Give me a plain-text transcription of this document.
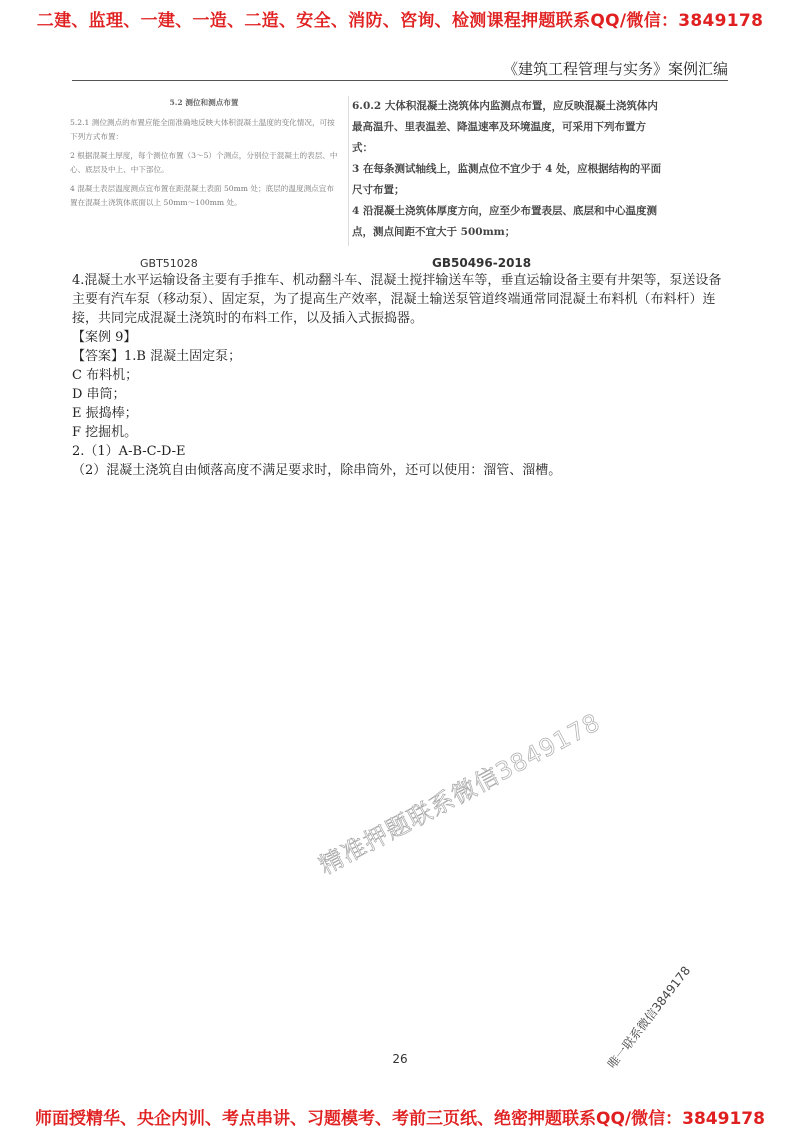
二建、监理、一建、一造、二造、安全、消防、咨询、检测课程押题联系QQ/微信：3849178
《建筑工程管理与实务》案例汇编
5.2 测位和测点布置

5.2.1 测位测点的布置应能全面准确地反映大体积混凝土温度的变化情况，可按下列方式布置：

2 根据混凝土厚度，每个测位布置（3～5）个测点，分别位于混凝土的表层、中心、底层及中上、中下部位。

4 混凝土表层温度测点宜布置在距混凝土表面 50mm 处；底层的温度测点宜布置在混凝土浇筑体底面以上 50mm～100mm 处。

6.0.2 大体积混凝土浇筑体内监测点布置，应反映混凝土浇筑体内最高温升、里表温差、降温速率及环境温度，可采用下列布置方式：

3 在每条测试轴线上，监测点位不宜少于 4 处，应根据结构的平面尺寸布置；

4 沿混凝土浇筑体厚度方向，应至少布置表层、底层和中心温度测点，测点间距不宜大于 500mm；

GBT51028	GB50496-2018
4.混凝土水平运输设备主要有手推车、机动翻斗车、混凝土搅拌输送车等，垂直运输设备主要有井架等，泵送设备主要有汽车泵（移动泵）、固定泵，为了提高生产效率，混凝土输送泵管道终端通常同混凝土布料机（布料杆）连接，共同完成混凝土浇筑时的布料工作，以及插入式振捣器。
【案例 9】
【答案】1.B 混凝土固定泵；
C 布料机；
D 串筒；
E 振捣棒；
F 挖掘机。
2.（1）A-B-C-D-E
（2）混凝土浇筑自由倾落高度不满足要求时，除串筒外，还可以使用：溜管、溜槽。
精准押题联系微信3849178
26	唯一联系微信3849178
师面授精华、央企内训、考点串讲、习题模考、考前三页纸、绝密押题联系QQ/微信：3849178
